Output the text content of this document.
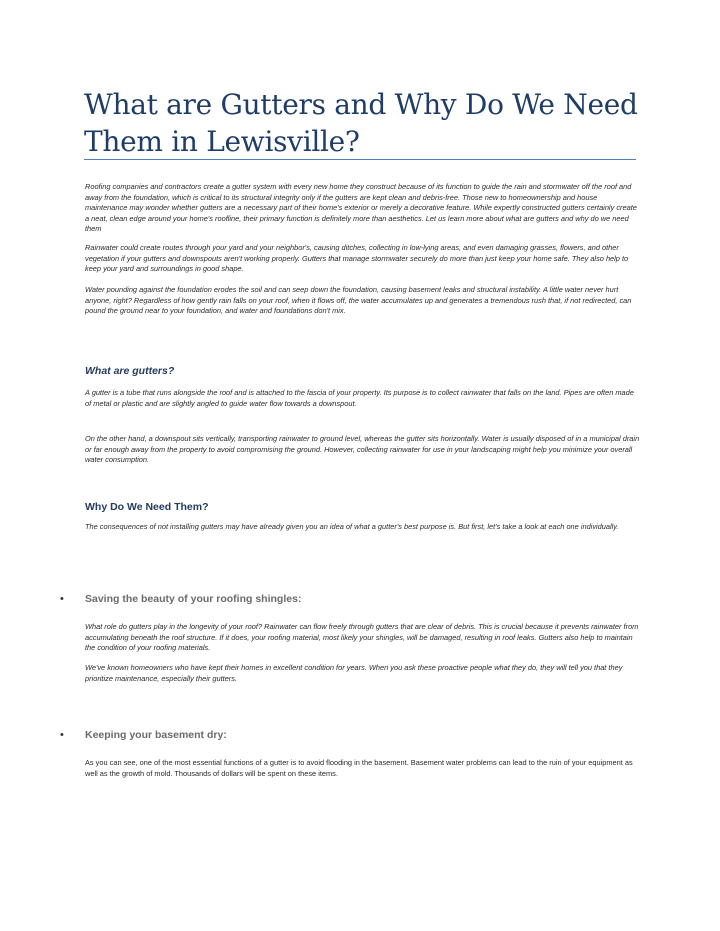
What are Gutters and Why Do We Need Them in Lewisville?

Roofing companies and contractors create a gutter system with every new home they construct because of its function to guide the rain and stormwater off the roof and away from the foundation, which is critical to its structural integrity only if the gutters are kept clean and debris-free. Those new to homeownership and house maintenance may wonder whether gutters are a necessary part of their home's exterior or merely a decorative feature. While expertly constructed gutters certainly create a neat, clean edge around your home's roofline, their primary function is definitely more than aesthetics. Let us learn more about what are gutters and why do we need them

Rainwater could create routes through your yard and your neighbor's, causing ditches, collecting in low-lying areas, and even damaging grasses, flowers, and other vegetation if your gutters and downspouts aren't working properly. Gutters that manage stormwater securely do more than just keep your home safe. They also help to keep your yard and surroundings in good shape.

Water pounding against the foundation erodes the soil and can seep down the foundation, causing basement leaks and structural instability. A little water never hurt anyone, right? Regardless of how gently rain falls on your roof, when it flows off, the water accumulates up and generates a tremendous rush that, if not redirected, can pound the ground near to your foundation, and water and foundations don't mix.

What are gutters?

A gutter is a tube that runs alongside the roof and is attached to the fascia of your property. Its purpose is to collect rainwater that falls on the land. Pipes are often made of metal or plastic and are slightly angled to guide water flow towards a downspout.

On the other hand, a downspout sits vertically, transporting rainwater to ground level, whereas the gutter sits horizontally. Water is usually disposed of in a municipal drain or far enough away from the property to avoid compromising the ground. However, collecting rainwater for use in your landscaping might help you minimize your overall water consumption.

Why Do We Need Them?

The consequences of not installing gutters may have already given you an idea of what a gutter's best purpose is. But first, let's take a look at each one individually.

• Saving the beauty of your roofing shingles:

What role do gutters play in the longevity of your roof? Rainwater can flow freely through gutters that are clear of debris. This is crucial because it prevents rainwater from accumulating beneath the roof structure. If it does, your roofing material, most likely your shingles, will be damaged, resulting in roof leaks. Gutters also help to maintain the condition of your roofing materials.

We've known homeowners who have kept their homes in excellent condition for years. When you ask these proactive people what they do, they will tell you that they prioritize maintenance, especially their gutters.

• Keeping your basement dry:

As you can see, one of the most essential functions of a gutter is to avoid flooding in the basement. Basement water problems can lead to the ruin of your equipment as well as the growth of mold. Thousands of dollars will be spent on these items.
